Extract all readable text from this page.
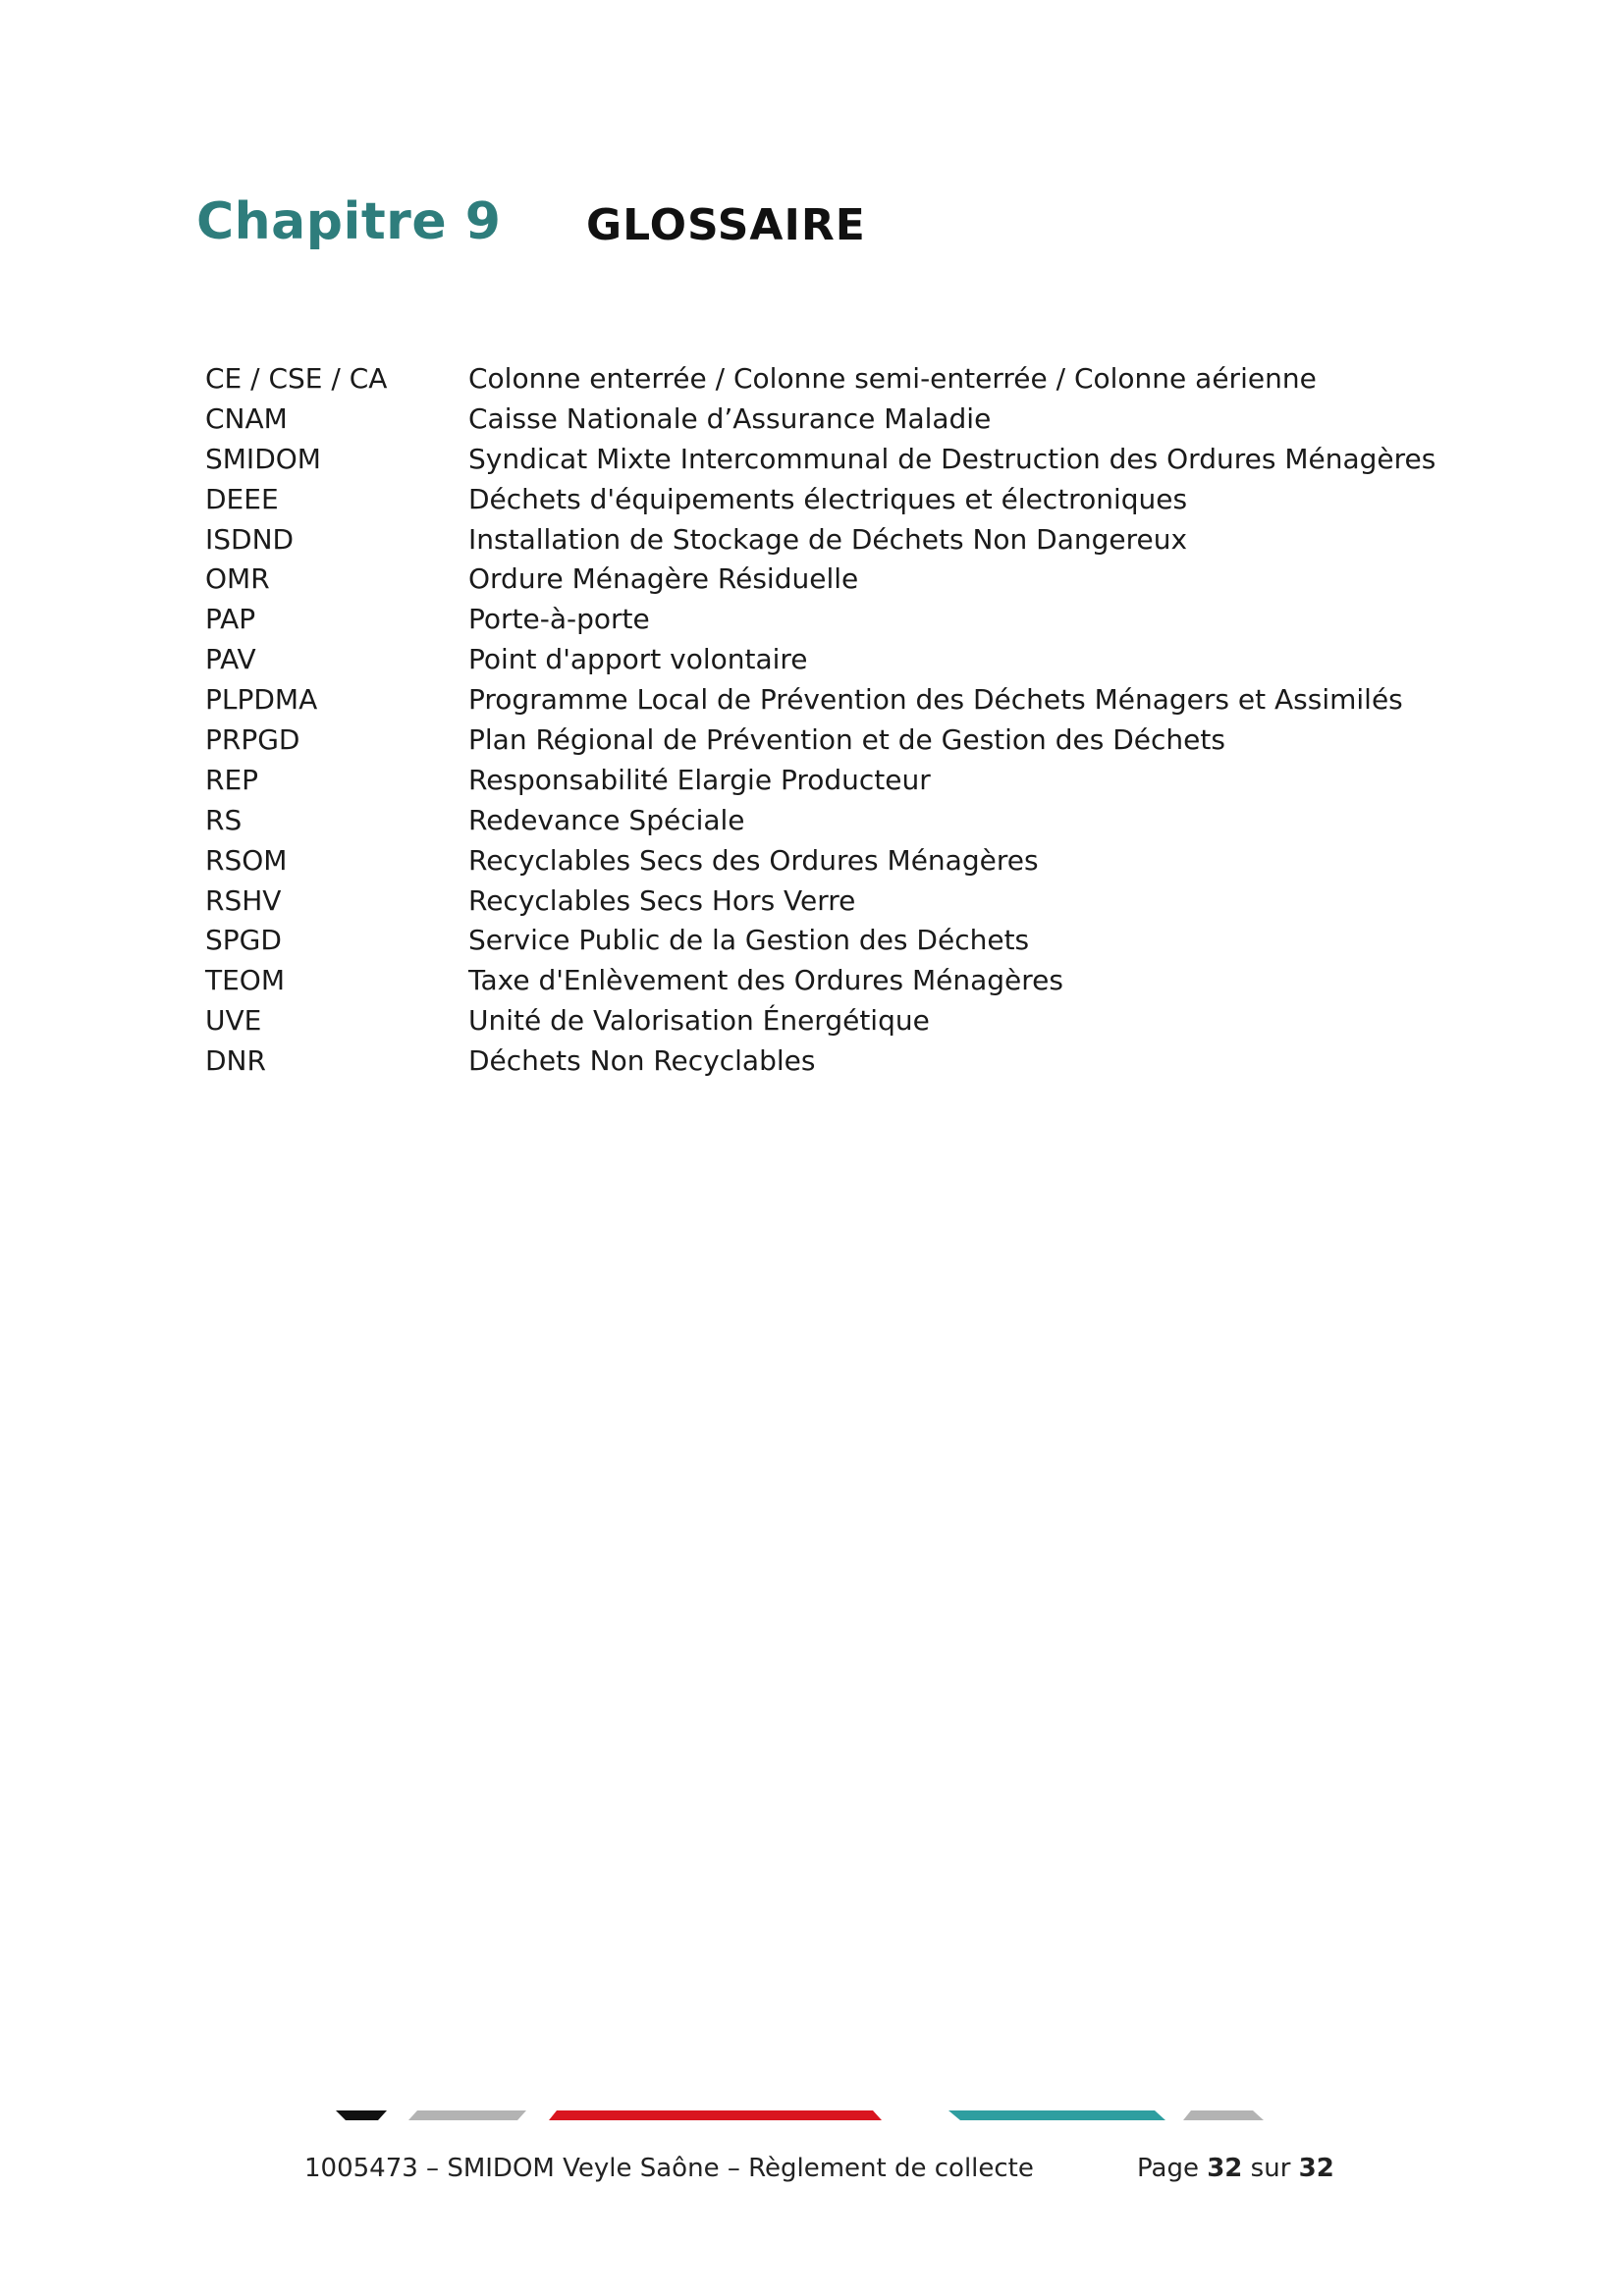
Chapitre 9 GLOSSAIRE
CE / CSE / CA	Colonne enterrée / Colonne semi-enterrée / Colonne aérienne
CNAM	Caisse Nationale d’Assurance Maladie
SMIDOM	Syndicat Mixte Intercommunal de Destruction des Ordures Ménagères
DEEE	Déchets d'équipements électriques et électroniques
ISDND	Installation de Stockage de Déchets Non Dangereux
OMR	Ordure Ménagère Résiduelle
PAP	Porte-à-porte
PAV	Point d'apport volontaire
PLPDMA	Programme Local de Prévention des Déchets Ménagers et Assimilés
PRPGD	Plan Régional de Prévention et de Gestion des Déchets
REP	Responsabilité Elargie Producteur
RS	Redevance Spéciale
RSOM	Recyclables Secs des Ordures Ménagères
RSHV	Recyclables Secs Hors Verre
SPGD	Service Public de la Gestion des Déchets
TEOM	Taxe d'Enlèvement des Ordures Ménagères
UVE	Unité de Valorisation Énergétique
DNR	Déchets Non Recyclables
1005473 – SMIDOM Veyle Saône – Règlement de collecte	Page 32 sur 32
